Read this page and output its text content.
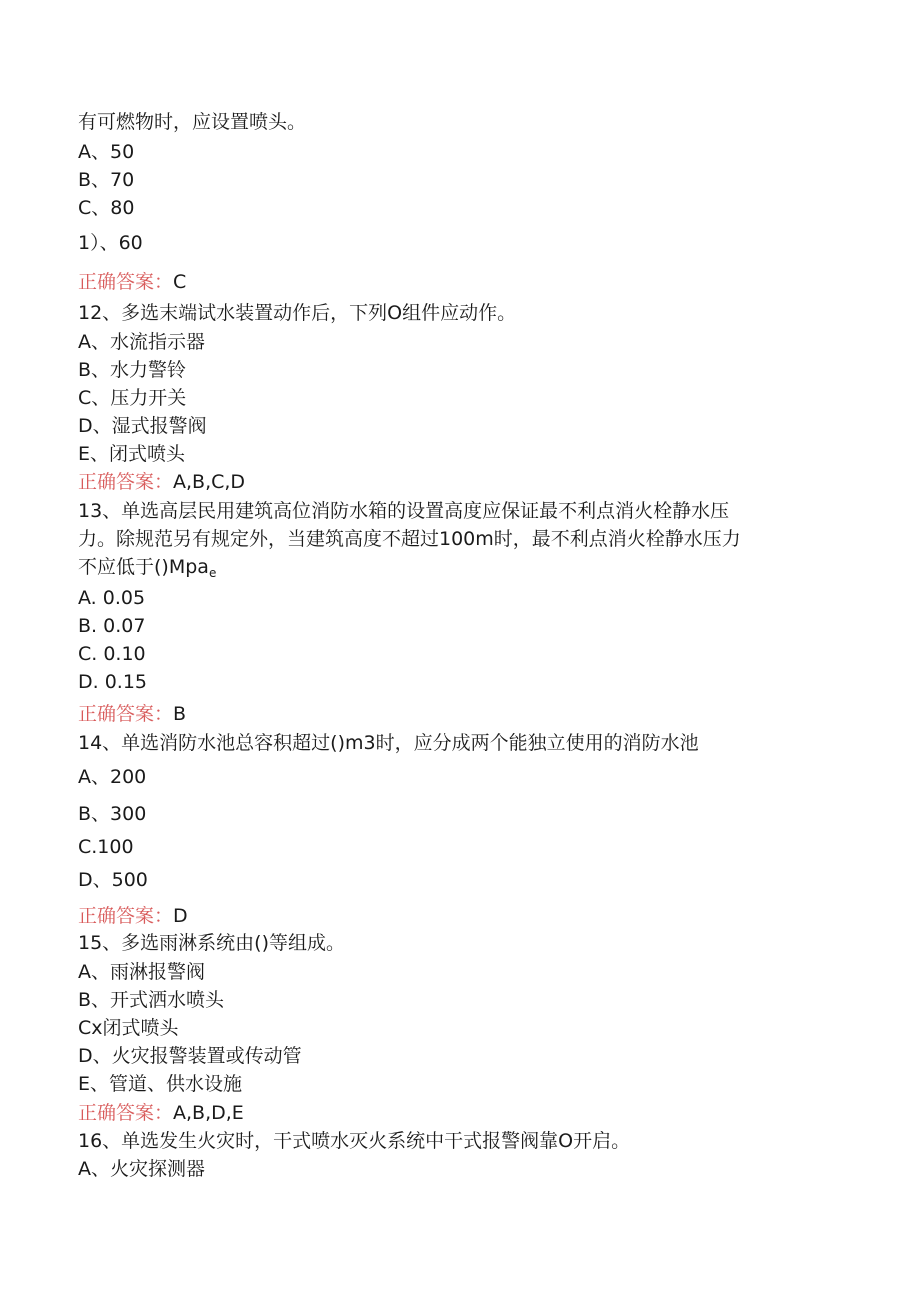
有可燃物时，应设置喷头。
A、50
B、70
C、80
1）、60
正确答案：C
12、多选末端试水装置动作后，下列O组件应动作。
A、水流指示器
B、水力警铃
C、压力开关
D、湿式报警阀
E、闭式喷头
正确答案：A,B,C,D
13、单选高层民用建筑高位消防水箱的设置高度应保证最不利点消火栓静水压
力。除规范另有规定外，当建筑高度不超过100m时，最不利点消火栓静水压力
不应低于()Mpa$_e$
A. 0.05
B. 0.07
C. 0.10
D. 0.15
正确答案：B
14、单选消防水池总容积超过()m3时，应分成两个能独立使用的消防水池
A、200
B、300
C.100
D、500
正确答案：D
15、多选雨淋系统由()等组成。
A、雨淋报警阀
B、开式洒水喷头
Cx闭式喷头
D、火灾报警装置或传动管
E、管道、供水设施
正确答案：A,B,D,E
16、单选发生火灾时，干式喷水灭火系统中干式报警阀靠O开启。
A、火灾探测器
